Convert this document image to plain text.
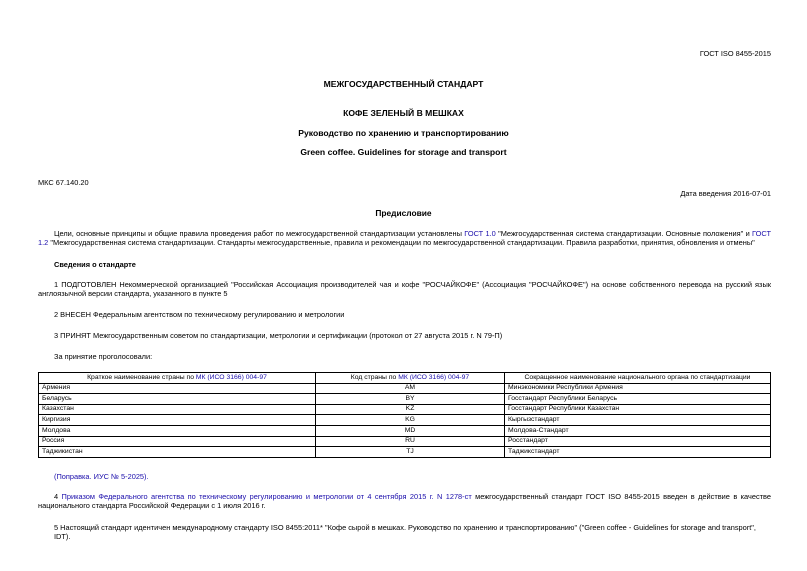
ГОСТ ISO 8455-2015
МЕЖГОСУДАРСТВЕННЫЙ СТАНДАРТ
КОФЕ ЗЕЛЕНЫЙ В МЕШКАХ
Руководство по хранению и транспортированию
Green coffee. Guidelines for storage and transport
МКС 67.140.20
Дата введения 2016-07-01
Предисловие
Цели, основные принципы и общие правила проведения работ по межгосударственной стандартизации установлены ГОСТ 1.0 "Межгосударственная система стандартизации. Основные положения" и ГОСТ 1.2 "Межгосударственная система стандартизации. Стандарты межгосударственные, правила и рекомендации по межгосударственной стандартизации. Правила разработки, принятия, обновления и отмены"
Сведения о стандарте
1 ПОДГОТОВЛЕН Некоммерческой организацией "Российская Ассоциация производителей чая и кофе "РОСЧАЙКОФЕ" (Ассоциация "РОСЧАЙКОФЕ") на основе собственного перевода на русский язык англоязычной версии стандарта, указанного в пункте 5
2 ВНЕСЕН Федеральным агентством по техническому регулированию и метрологии
3 ПРИНЯТ Межгосударственным советом по стандартизации, метрологии и сертификации (протокол от 27 августа 2015 г. N 79-П)
За принятие проголосовали:
Краткое наименование страны по МК (ИСО 3166) 004-97	Код страны по МК (ИСО 3166) 004-97	Сокращенное наименование национального органа по стандартизации
Армения	AM	Минэкономики Республики Армения
Беларусь	BY	Госстандарт Республики Беларусь
Казахстан	KZ	Госстандарт Республики Казахстан
Киргизия	KG	Кыргызстандарт
Молдова	MD	Молдова-Стандарт
Россия	RU	Росстандарт
Таджикистан	TJ	Таджикстандарт
(Поправка. ИУС № 5-2025).
4 Приказом Федерального агентства по техническому регулированию и метрологии от 4 сентября 2015 г. N 1278-ст межгосударственный стандарт ГОСТ ISO 8455-2015 введен в действие в качестве национального стандарта Российской Федерации с 1 июля 2016 г.
5 Настоящий стандарт идентичен международному стандарту ISO 8455:2011* "Кофе сырой в мешках. Руководство по хранению и транспортированию" ("Green coffee - Guidelines for storage and transport", IDT).
